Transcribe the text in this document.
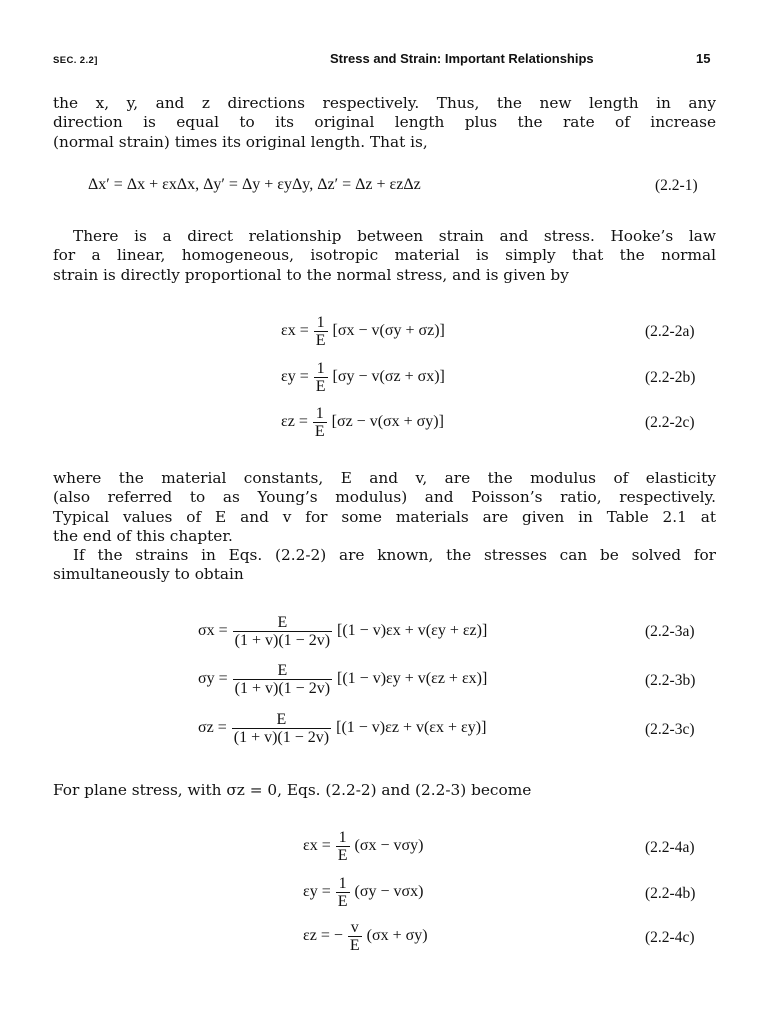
SEC. 2.2]	Stress and Strain: Important Relationships	15

the x, y, and z directions respectively. Thus, the new length in any
direction is equal to its original length plus the rate of increase
(normal strain) times its original length. That is,

Δx′ = Δx + εxΔx, Δy′ = Δy + εyΔy, Δz′ = Δz + εzΔz	(2.2-1)

There is a direct relationship between strain and stress. Hooke’s law
for a linear, homogeneous, isotropic material is simply that the normal
strain is directly proportional to the normal stress, and is given by

$\varepsilon x = \frac{1}{E} [\sigma x - v(\sigma y + \sigma z)]$	(2.2-2a)
$\varepsilon y = \frac{1}{E} [\sigma y - v(\sigma z + \sigma x)]$	(2.2-2b)
$\varepsilon z = \frac{1}{E} [\sigma z - v(\sigma x + \sigma y)]$	(2.2-2c)

where the material constants, E and v, are the modulus of elasticity
(also referred to as Young’s modulus) and Poisson’s ratio, respectively.
Typical values of E and v for some materials are given in Table 2.1 at
the end of this chapter.

If the strains in Eqs. (2.2-2) are known, the stresses can be solved for
simultaneously to obtain

$\sigma x = \frac{E}{(1 + v)(1 - 2v)} [(1 - v)\varepsilon x + v(\varepsilon y + \varepsilon z)]$	(2.2-3a)
$\sigma y = \frac{E}{(1 + v)(1 - 2v)} [(1 - v)\varepsilon y + v(\varepsilon z + \varepsilon x)]$	(2.2-3b)
$\sigma z = \frac{E}{(1 + v)(1 - 2v)} [(1 - v)\varepsilon z + v(\varepsilon x + \varepsilon y)]$	(2.2-3c)

For plane stress, with σz = 0, Eqs. (2.2-2) and (2.2-3) become

$\varepsilon x = \frac{1}{E} (\sigma x - v\sigma y)$	(2.2-4a)
$\varepsilon y = \frac{1}{E} (\sigma y - v\sigma x)$	(2.2-4b)
εz = − $\frac{v}{E} (\sigma x + \sigma y)$	(2.2-4c)
